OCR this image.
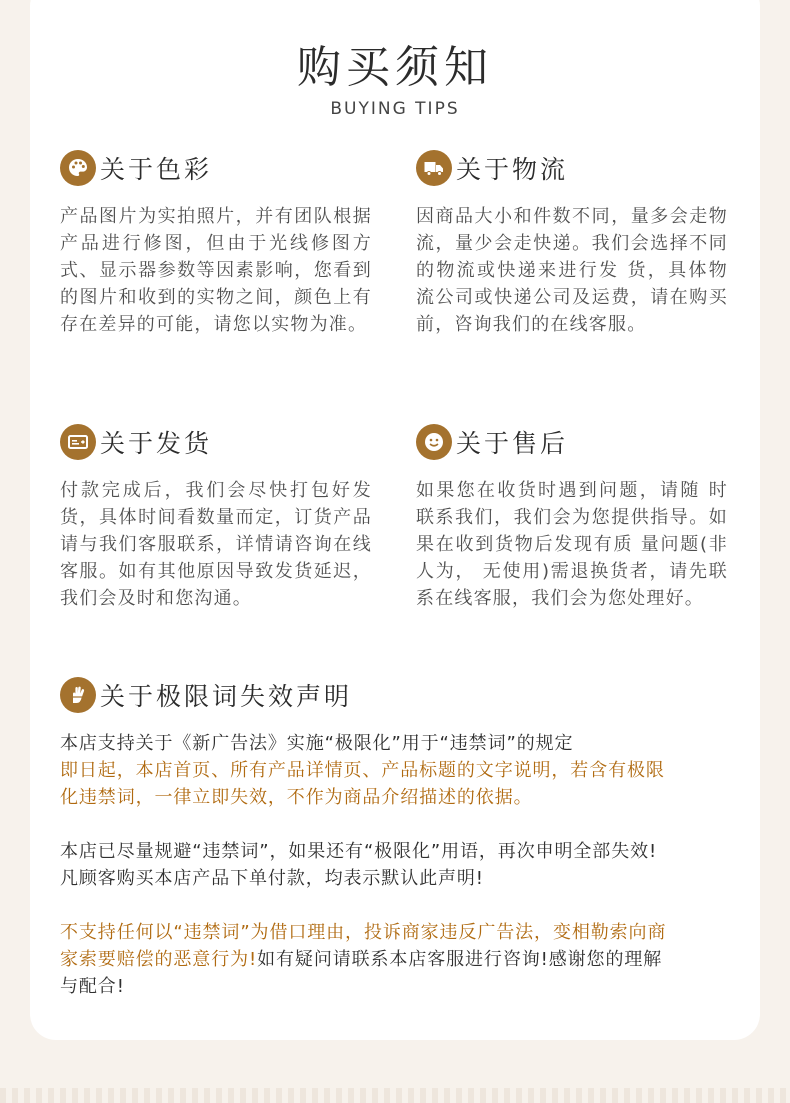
购买须知
BUYING TIPS
关于色彩
产品图片为实拍照片，并有团队根据产品进行修图，但由于光线修图方式、显示器参数等因素影响，您看到的图片和收到的实物之间，颜色上有存在差异的可能，请您以实物为准。
关于物流
因商品大小和件数不同，量多会走物流，量少会走快递。我们会选择不同的物流或快递来进行发 货，具体物流公司或快递公司及运费，请在购买前，咨询我们的在线客服。
关于发货
付款完成后，我们会尽快打包好发货，具体时间看数量而定，订货产品请与我们客服联系，详情请咨询在线客服。如有其他原因导致发货延迟，我们会及时和您沟通。
关于售后
如果您在收货时遇到问题，请随 时联系我们，我们会为您提供指导。如果在收到货物后发现有质 量问题(非人为， 无使用)需退换货者，请先联系在线客服，我们会为您处理好。
关于极限词失效声明
本店支持关于《新广告法》实施“极限化”用于“违禁词”的规定
即日起，本店首页、所有产品详情页、产品标题的文字说明，若含有极限
化违禁词，一律立即失效，不作为商品介绍描述的依据。
本店已尽量规避“违禁词”，如果还有“极限化”用语，再次申明全部失效!
凡顾客购买本店产品下单付款，均表示默认此声明!
不支持任何以“违禁词”为借口理由，投诉商家违反广告法，变相勒索向商
家索要赔偿的恶意行为!如有疑问请联系本店客服进行咨询!感谢您的理解
与配合!
